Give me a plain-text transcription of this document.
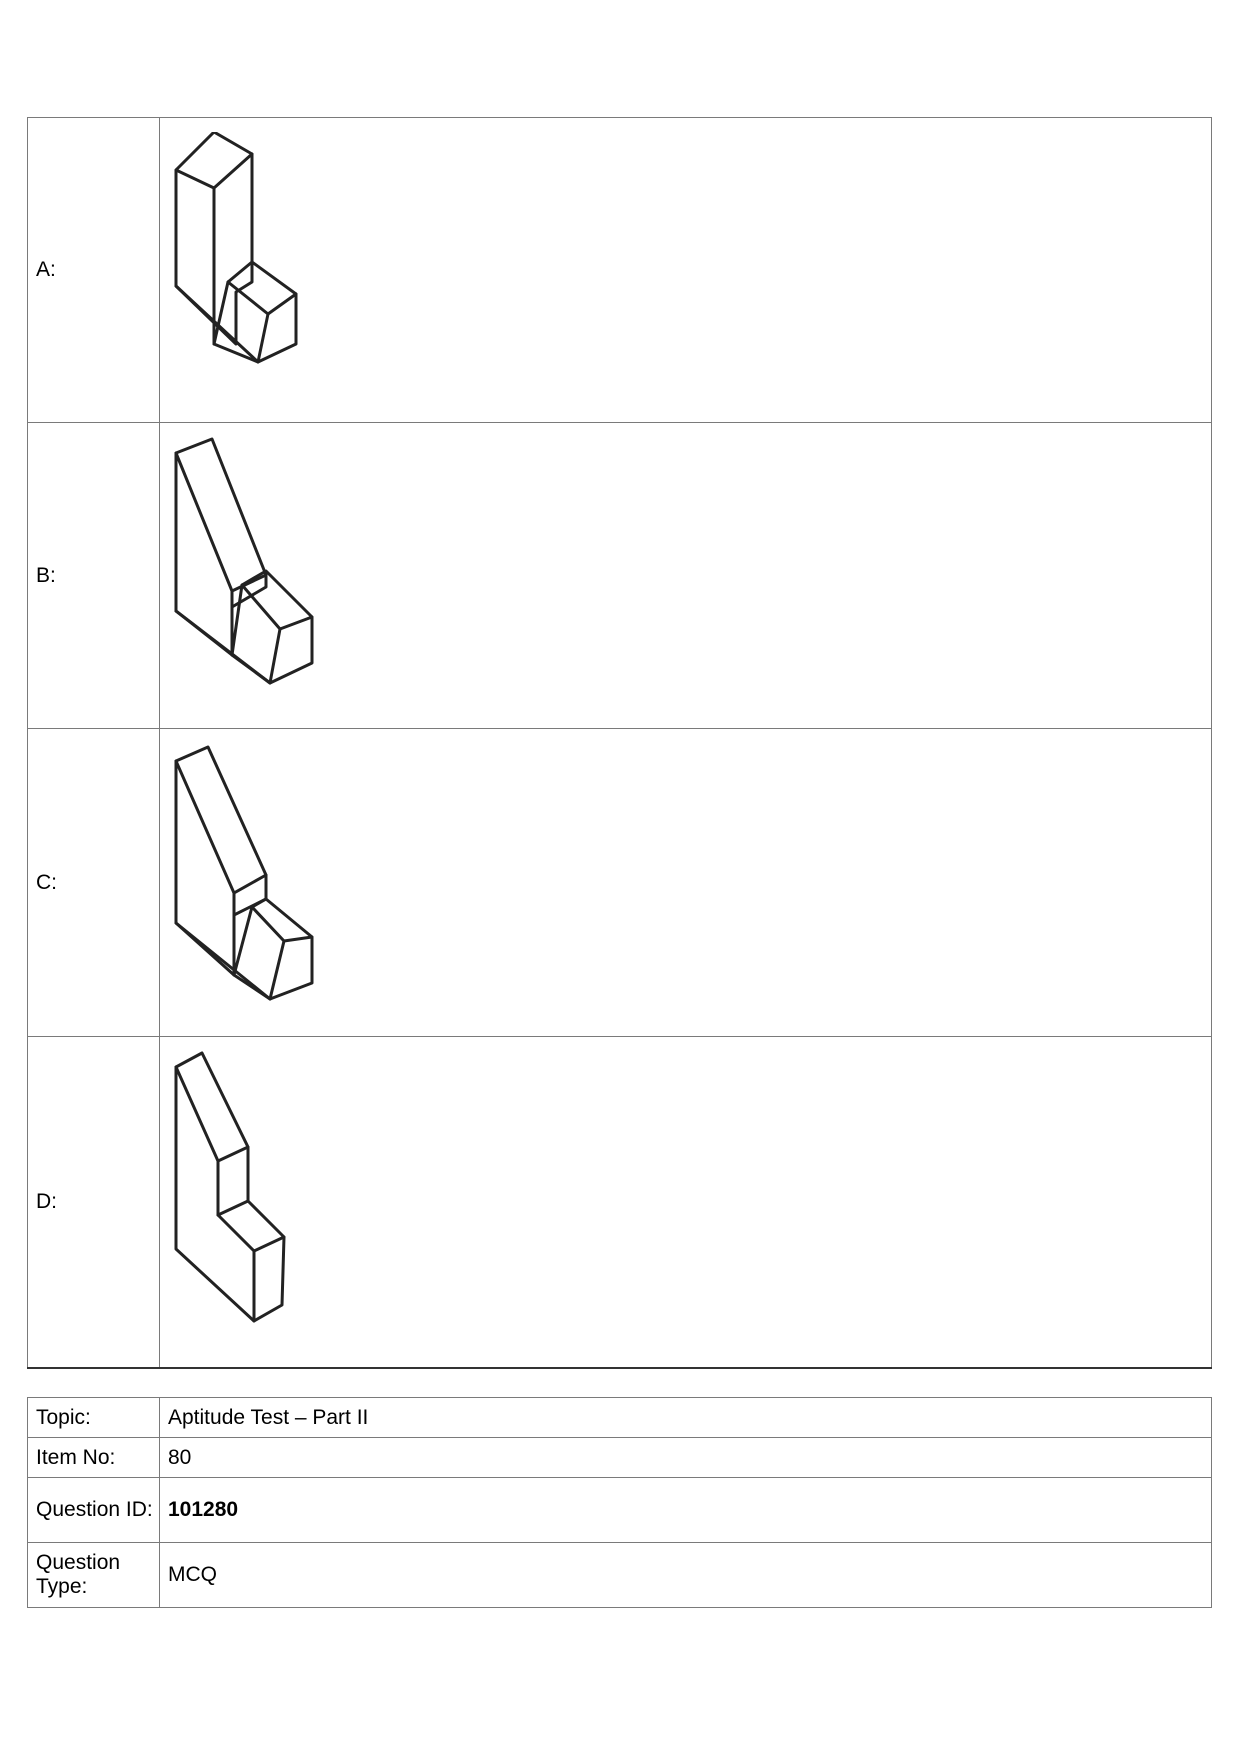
A:	

B:	

C:	

D:	
Topic:	Aptitude Test – Part II
Item No:	80
Question ID:	101280
Question Type:	MCQ
